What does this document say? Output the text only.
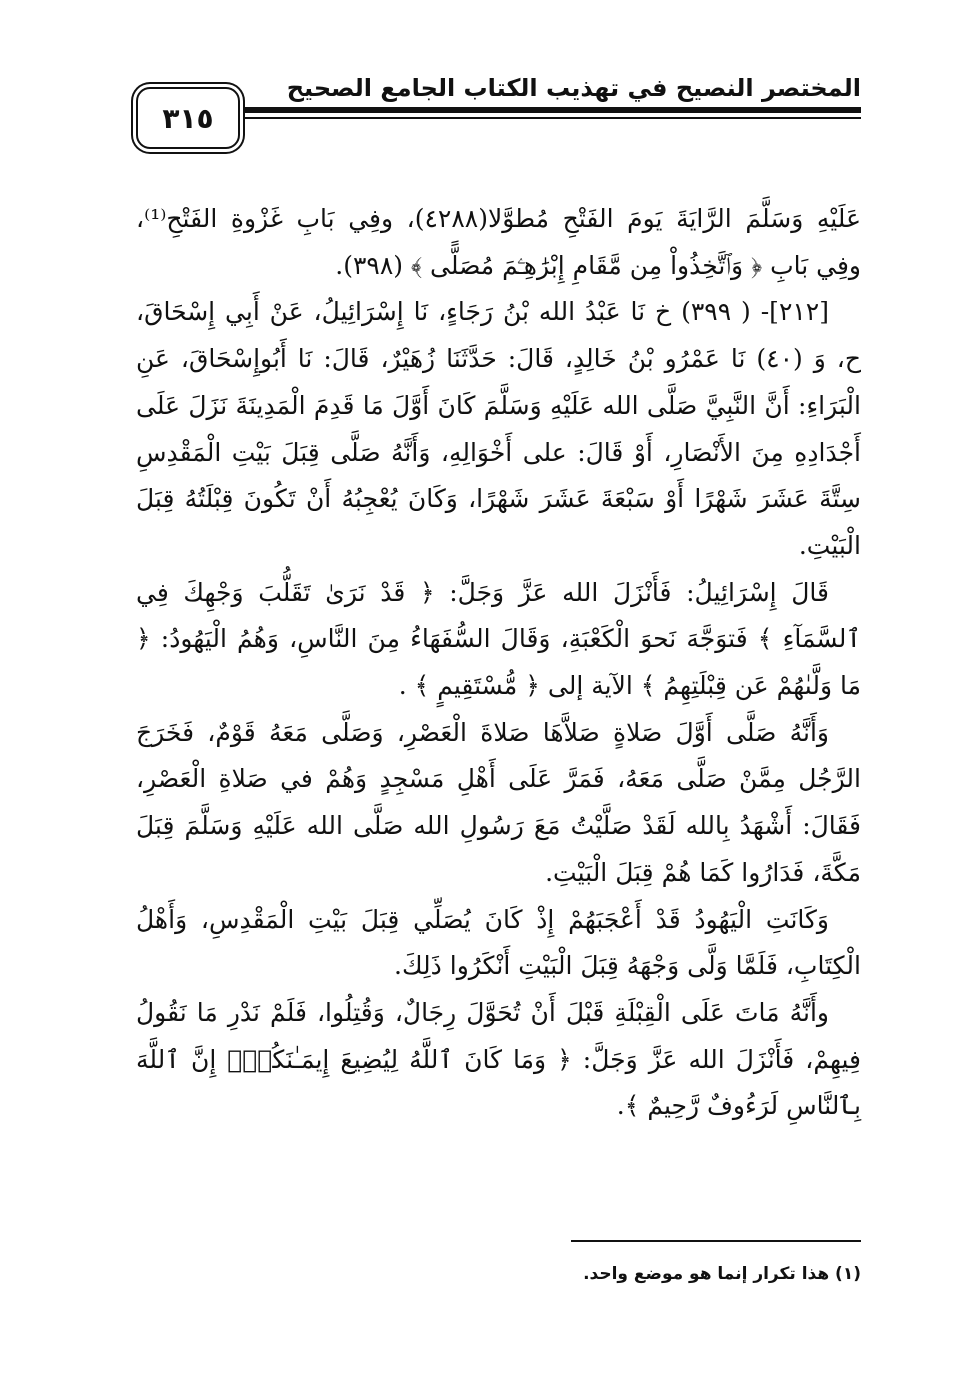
المختصر النصيح في تهذيب الكتاب الجامع الصحيح
٣١٥

عَلَيْهِ وَسَلَّمَ الرَّايَةَ يَومَ الفَتْحِ مُطوَّلا(٤٢٨٨)، وفِي بَابِ غَزْوةِ الفَتْحِ⁽¹⁾، وفِي بَابِ ﴿ وَٱتَّخِذُواْ مِن مَّقَامِ إِبْرَٰهِـۧمَ مُصَلًّى ﴾ (٣٩٨).

[٢١٢]- ( ٣٩٩) خ نَا عَبْدُ الله بْنُ رَجَاءٍ، نَا إِسْرَائِيلُ، عَنْ أَبِي إِسْحَاقَ، ح، وَ (٤٠) نَا عَمْرُو بْنُ خَالِدٍ، قَالَ: حَدَّثَنَا زُهَيْرٌ، قَالَ: نَا أَبُوإِسْحَاقَ، عَنِ الْبَرَاءِ: أَنَّ النَّبِيَّ صَلَّى الله عَلَيْهِ وَسَلَّمَ كَانَ أَوَّلَ مَا قَدِمَ الْمَدِينَةَ نَزَلَ عَلَى أَجْدَادِهِ مِنَ الأَنْصَارِ، أَوْ قَالَ: على أَخْوَالِهِ، وَأَنَّهُ صَلَّى قِبَلَ بَيْتِ الْمَقْدِسِ سِتَّةَ عَشَرَ شَهْرًا أَوْ سَبْعَةَ عَشَرَ شَهْرًا، وَكَانَ يُعْجِبُهُ أَنْ تَكُونَ قِبْلَتُهُ قِبَلَ الْبَيْتِ.

قَالَ إِسْرَائِيلُ: فَأَنْزَلَ الله عَزَّ وَجَلَّ: ﴿ قَدْ نَرَىٰ تَقَلُّبَ وَجْهِكَ فِي ٱلسَّمَآءِ ﴾ فَتوَجَّهَ نَحوَ الْكَعْبَةِ، وَقَالَ السُّفَهَاءُ مِنَ النَّاسِ، وَهُمُ الْيَهُودُ: ﴿ مَا وَلَّىٰهُمْ عَن قِبْلَتِهِمُ ﴾ الآية إلى ﴿ مُّسْتَقِيمٍ ﴾ .

وَأَنَّهُ صَلَّى أَوَّلَ صَلاةٍ صَلاَّهَا صَلاةَ الْعَصْرِ، وَصَلَّى مَعَهُ قَوْمٌ، فَخَرَجَ الرَّجُل مِمَّنْ صَلَّى مَعَهُ، فَمَرَّ عَلَى أَهْلِ مَسْجِدٍ وَهُمْ في صَلاةِ الْعَصْرِ، فَقَالَ: أَشْهَدُ بِالله لَقَدْ صَلَّيْتُ مَعَ رَسُولِ الله صَلَّى الله عَلَيْهِ وَسَلَّمَ قِبَلَ مَكَّةَ، فَدَارُوا كَمَا هُمْ قِبَلَ الْبَيْتِ.

وَكَانَتِ الْيَهُودُ قَدْ أَعْجَبَهُمْ إِذْ كَانَ يُصَلِّي قِبَلَ بَيْتِ الْمَقْدِسِ، وَأَهْلُ الْكِتَابِ، فَلَمَّا وَلَّى وَجْهَهُ قِبَلَ الْبَيْتِ أَنْكَرُوا ذَلِكَ.

وأَنَّهُ مَاتَ عَلَى الْقِبْلَةِ قَبْلَ أَنْ تُحَوَّلَ رِجَالٌ، وَقُتِلُوا، فَلَمْ نَدْرِ مَا نَقُولُ فِيهِمْ، فَأَنْزَلَ الله عَزَّ وَجَلَّ: ﴿ وَمَا كَانَ ٱللَّهُ لِيُضِيعَ إِيمَـٰنَكُمْۚ إِنَّ ٱللَّهَ بِٱلنَّاسِ لَرَءُوفٌ رَّحِيمٌ ﴾.

(١) هذا تكرار إنما هو موضع واحد.
